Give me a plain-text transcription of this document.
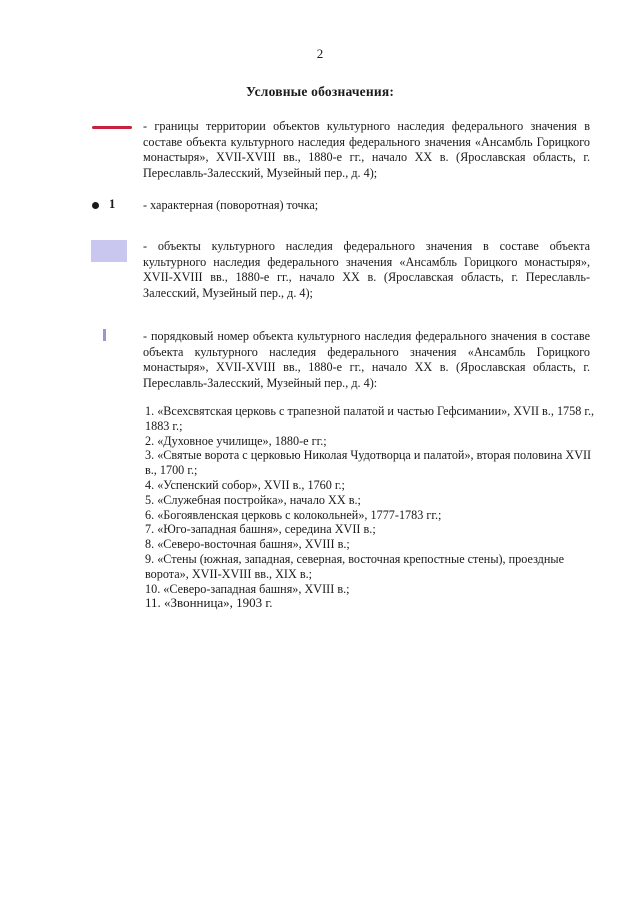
2
Условные обозначения:
- границы территории объектов культурного наследия федерального значения в составе объекта культурного наследия федерального значения «Ансамбль Горицкого монастыря», XVII-XVIII вв., 1880-е гг., начало XX в. (Ярославская область, г. Переславль-Залесский, Музейный пер., д. 4);
1 - характерная (поворотная) точка;
- объекты культурного наследия федерального значения в составе объекта культурного наследия федерального значения «Ансамбль Горицкого монастыря», XVII-XVIII вв., 1880-е гг., начало XX в. (Ярославская область, г. Переславль-Залесский, Музейный пер., д. 4);
- порядковый номер объекта культурного наследия федерального значения в составе объекта культурного наследия федерального значения «Ансамбль Горицкого монастыря», XVII-XVIII вв., 1880-е гг., начало XX в. (Ярославская область, г. Переславль-Залесский, Музейный пер., д. 4):
1. «Всехсвятская церковь с трапезной палатой и частью Гефсимании», XVII в., 1758 г., 1883 г.;
2. «Духовное училище», 1880-е гг.;
3. «Святые ворота с церковью Николая Чудотворца и палатой», вторая половина XVII в., 1700 г.;
4. «Успенский собор», XVII в., 1760 г.;
5. «Служебная постройка», начало XX в.;
6. «Богоявленская церковь с колокольней», 1777-1783 гг.;
7. «Юго-западная башня», середина XVII в.;
8. «Северо-восточная башня», XVIII в.;
9. «Стены (южная, западная, северная, восточная крепостные стены), проездные ворота», XVII-XVIII вв., XIX в.;
10. «Северо-западная башня», XVIII в.;
11. «Звонница», 1903 г.
